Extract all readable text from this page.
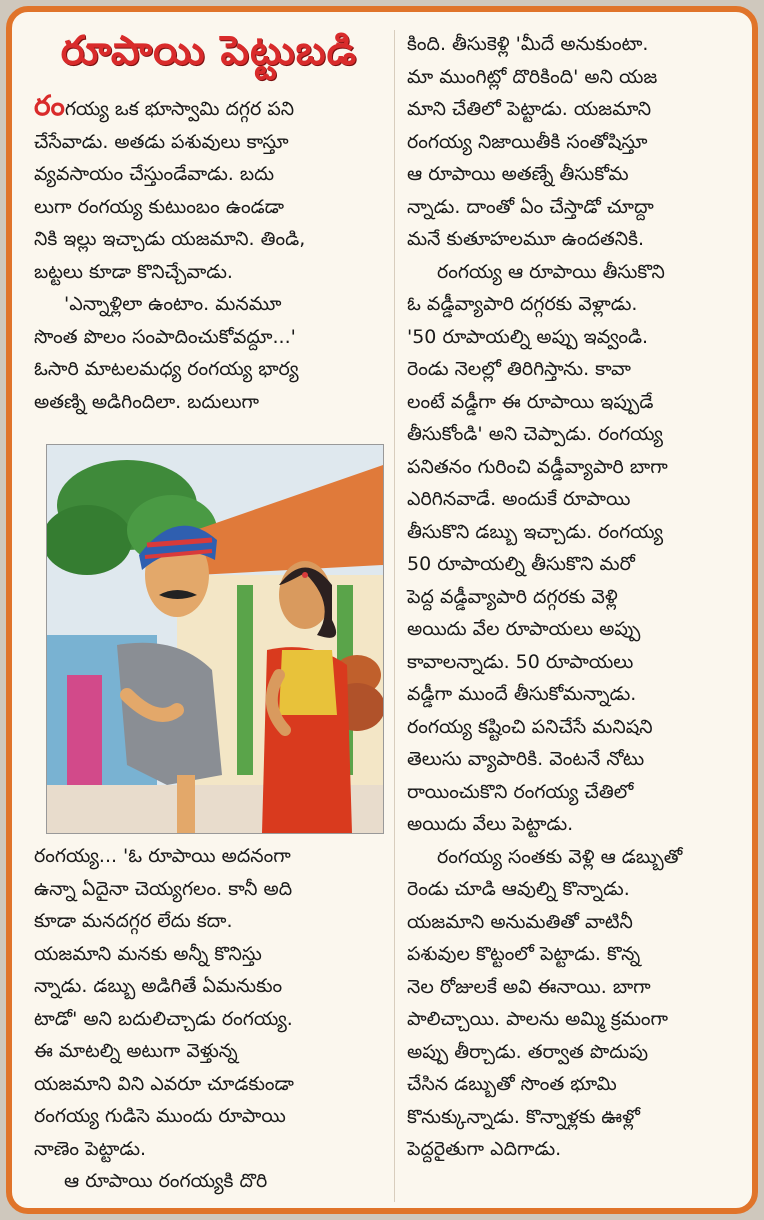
రూపాయి పెట్టుబడి

రంగయ్య ఒక భూస్వామి దగ్గర పని
చేసేవాడు. అతడు పశువులు కాస్తూ
వ్యవసాయం చేస్తుండేవాడు. బదు
లుగా రంగయ్య కుటుంబం ఉండడా
నికి ఇల్లు ఇచ్చాడు యజమాని. తిండి,
బట్టలు కూడా కొనిచ్చేవాడు.

'ఎన్నాళ్లిలా ఉంటాం. మనమూ
సొంత పొలం సంపాదించుకోవద్దూ...'
ఓసారి మాటలమధ్య రంగయ్య భార్య
అతణ్ని అడిగిందిలా. బదులుగా

రంగయ్య... 'ఓ రూపాయి అదనంగా
ఉన్నా ఏదైనా చెయ్యగలం. కానీ అది
కూడా మనదగ్గర లేదు కదా.
యజమాని మనకు అన్నీ కొనిస్తు
న్నాడు. డబ్బు అడిగితే ఏమనుకుం
టాడో' అని బదులిచ్చాడు రంగయ్య.
ఈ మాటల్ని అటుగా వెళ్తున్న
యజమాని విని ఎవరూ చూడకుండా
రంగయ్య గుడిసె ముందు రూపాయి
నాణెం పెట్టాడు.

ఆ రూపాయి రంగయ్యకి దొరి

కింది. తీసుకెళ్లి 'మీదే అనుకుంటా.
మా ముంగిట్లో దొరికింది' అని యజ
మాని చేతిలో పెట్టాడు. యజమాని
రంగయ్య నిజాయితీకి సంతోషిస్తూ
ఆ రూపాయి అతణ్నే తీసుకోమ
న్నాడు. దాంతో ఏం చేస్తాడో చూద్దా
మనే కుతూహలమూ ఉందతనికి.

రంగయ్య ఆ రూపాయి తీసుకొని
ఓ వడ్డీవ్యాపారి దగ్గరకు వెళ్లాడు.
'50 రూపాయల్ని అప్పు ఇవ్వండి.
రెండు నెలల్లో తిరిగిస్తాను. కావా
లంటే వడ్డీగా ఈ రూపాయి ఇప్పుడే
తీసుకోండి' అని చెప్పాడు. రంగయ్య
పనితనం గురించి వడ్డీవ్యాపారి బాగా
ఎరిగినవాడే. అందుకే రూపాయి
తీసుకొని డబ్బు ఇచ్చాడు. రంగయ్య
50 రూపాయల్ని తీసుకొని మరో
పెద్ద వడ్డీవ్యాపారి దగ్గరకు వెళ్లి
అయిదు వేల రూపాయలు అప్పు
కావాలన్నాడు. 50 రూపాయలు
వడ్డీగా ముందే తీసుకోమన్నాడు.
రంగయ్య కష్టించి పనిచేసే మనిషని
తెలుసు వ్యాపారికి. వెంటనే నోటు
రాయించుకొని రంగయ్య చేతిలో
అయిదు వేలు పెట్టాడు.

రంగయ్య సంతకు వెళ్లి ఆ డబ్బుతో
రెండు చూడి ఆవుల్ని కొన్నాడు.
యజమాని అనుమతితో వాటినీ
పశువుల కొట్టంలో పెట్టాడు. కొన్న
నెల రోజులకే అవి ఈనాయి. బాగా
పాలిచ్చాయి. పాలను అమ్మి క్రమంగా
అప్పు తీర్చాడు. తర్వాత పొదుపు
చేసిన డబ్బుతో సొంత భూమి
కొనుక్కున్నాడు. కొన్నాళ్లకు ఊళ్లో
పెద్దరైతుగా ఎదిగాడు.
